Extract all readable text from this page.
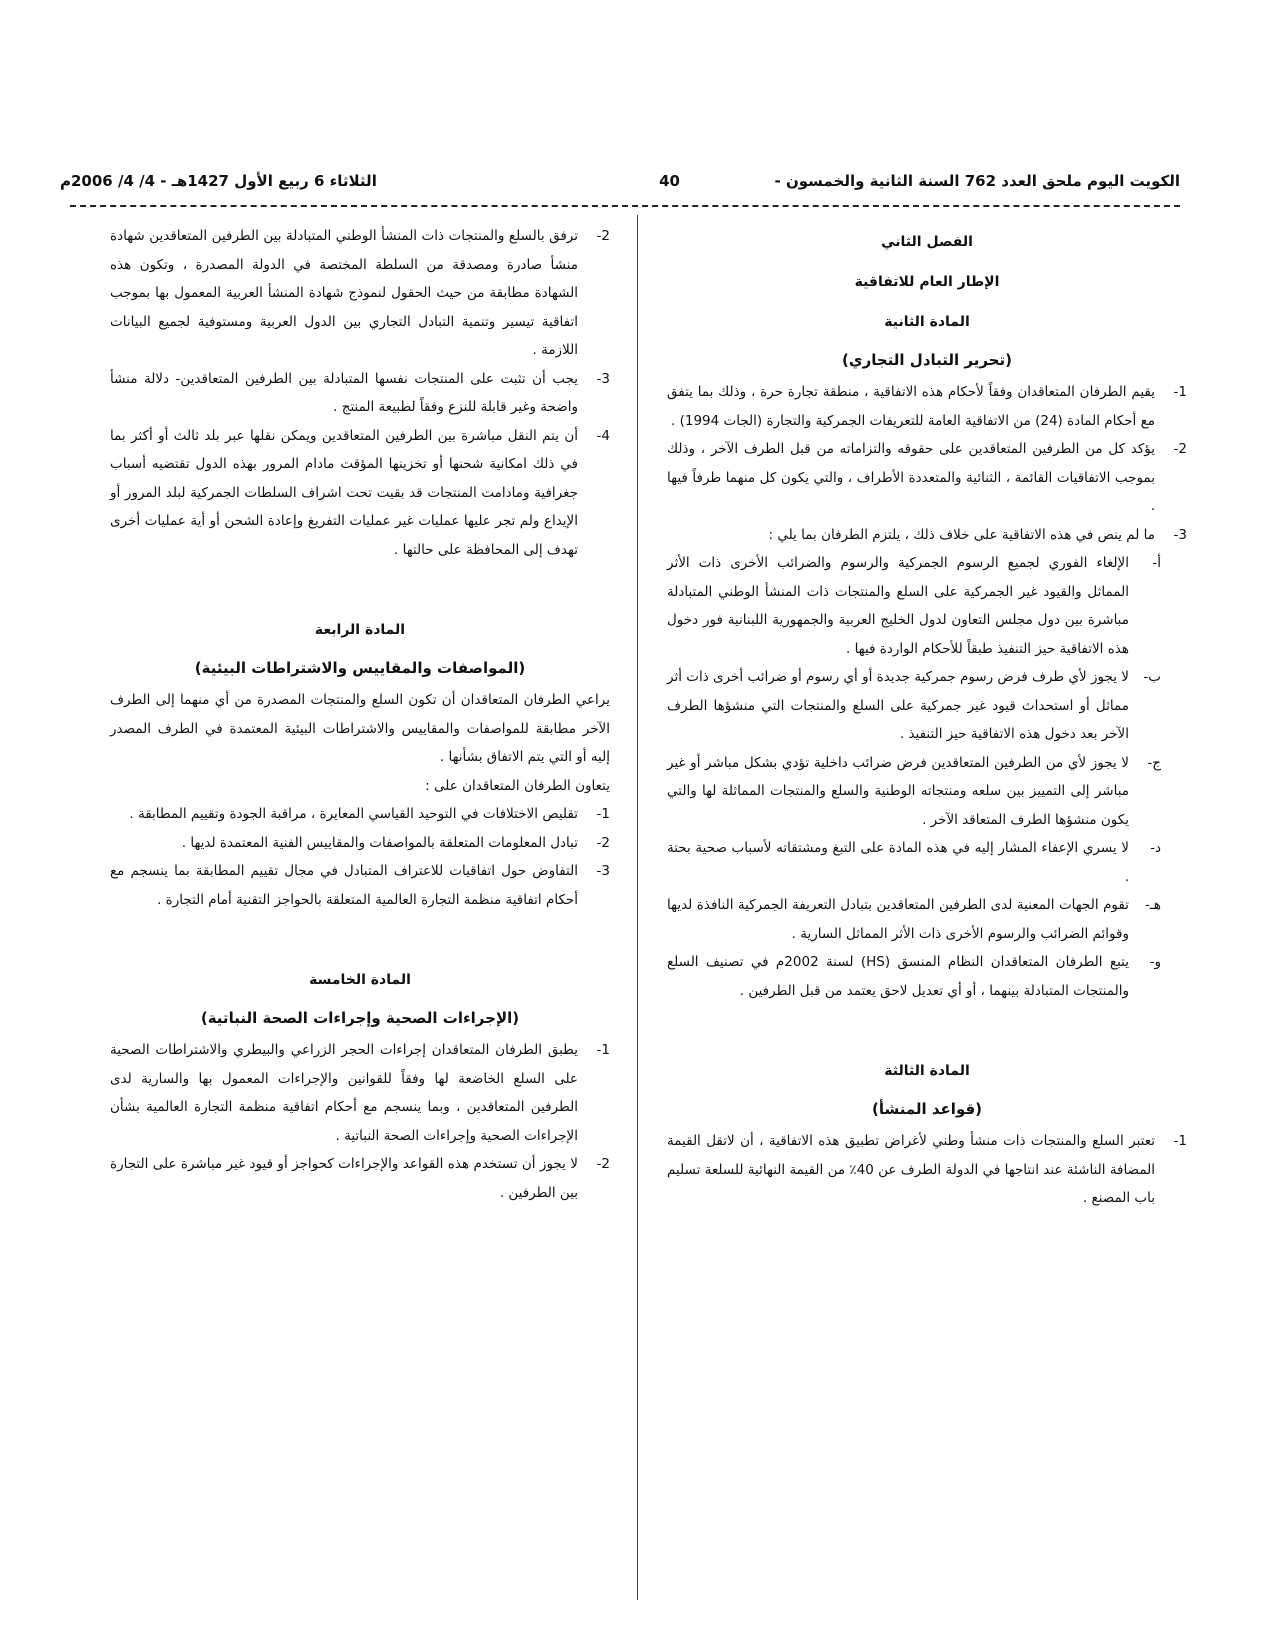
الكويت اليوم ملحق العدد 762 السنة الثانية والخمسون -
40
الثلاثاء 6 ربيع الأول 1427هـ - 4/ 4/ 2006م

الفصل الثاني

الإطار العام للاتفاقية

المادة الثانية

(تحرير التبادل التجاري)

1-
يقيم الطرفان المتعاقدان وفقاً لأحكام هذه الاتفاقية ، منطقة تجارة حرة ، وذلك بما يتفق مع أحكام المادة (24) من الاتفاقية العامة للتعريفات الجمركية والتجارة (الجات 1994) .

2-
يؤكد كل من الطرفين المتعاقدين على حقوقه والتزاماته من قبل الطرف الآخر ، وذلك بموجب الاتفاقيات القائمة ، الثنائية والمتعددة الأطراف ، والتي يكون كل منهما طرفاً فيها .

3-
ما لم ينص في هذه الاتفاقية على خلاف ذلك ، يلتزم الطرفان بما يلي :

أ-
الإلغاء الفوري لجميع الرسوم الجمركية والرسوم والضرائب الأخرى ذات الأثر المماثل والقيود غير الجمركية على السلع والمنتجات ذات المنشأ الوطني المتبادلة مباشرة بين دول مجلس التعاون لدول الخليج العربية والجمهورية اللبنانية فور دخول هذه الاتفاقية حيز التنفيذ طبقاً للأحكام الواردة فيها .

ب-
لا يجوز لأي طرف فرض رسوم جمركية جديدة أو أي رسوم أو ضرائب أخرى ذات أثر مماثل أو استحداث قيود غير جمركية على السلع والمنتجات التي منشؤها الطرف الآخر بعد دخول هذه الاتفاقية حيز التنفيذ .

ج-
لا يجوز لأي من الطرفين المتعاقدين فرض ضرائب داخلية تؤدي بشكل مباشر أو غير مباشر إلى التمييز بين سلعه ومنتجاته الوطنية والسلع والمنتجات المماثلة لها والتي يكون منشؤها الطرف المتعاقد الآخر .

د-
لا يسري الإعفاء المشار إليه في هذه المادة على التبغ ومشتقاته لأسباب صحية بحتة .

هـ-
تقوم الجهات المعنية لدى الطرفين المتعاقدين بتبادل التعريفة الجمركية النافذة لديها وقوائم الضرائب والرسوم الأخرى ذات الأثر المماثل السارية .

و-
يتبع الطرفان المتعاقدان النظام المنسق (HS) لسنة 2002م في تصنيف السلع والمنتجات المتبادلة بينهما ، أو أي تعديل لاحق يعتمد من قبل الطرفين .

المادة الثالثة

(قواعد المنشأ)

1-
تعتبر السلع والمنتجات ذات منشأ وطني لأغراض تطبيق هذه الاتفاقية ، أن لاتقل القيمة المضافة الناشئة عند انتاجها في الدولة الطرف عن 40٪ من القيمة النهائية للسلعة تسليم باب المصنع .

2-
ترفق بالسلع والمنتجات ذات المنشأ الوطني المتبادلة بين الطرفين المتعاقدين شهادة منشأ صادرة ومصدقة من السلطة المختصة في الدولة المصدرة ، وتكون هذه الشهادة مطابقة من حيث الحقول لنموذج شهادة المنشأ العربية المعمول بها بموجب اتفاقية تيسير وتنمية التبادل التجاري بين الدول العربية ومستوفية لجميع البيانات اللازمة .

3-
يجب أن تثبت على المنتجات نفسها المتبادلة بين الطرفين المتعاقدين- دلالة منشأ واضحة وغير قابلة للنزع وفقاً لطبيعة المنتج .

4-
أن يتم النقل مباشرة بين الطرفين المتعاقدين ويمكن نقلها عبر بلد ثالث أو أكثر بما في ذلك امكانية شحنها أو تخزينها المؤقت مادام المرور بهذه الدول تقتضيه أسباب جغرافية ومادامت المنتجات قد بقيت تحت اشراف السلطات الجمركية لبلد المرور أو الإيداع ولم تجر عليها عمليات غير عمليات التفريغ وإعادة الشحن أو أية عمليات أخرى تهدف إلى المحافظة على حالتها .

المادة الرابعة

(المواصفات والمقاييس والاشتراطات البيئية)

يراعي الطرفان المتعاقدان أن تكون السلع والمنتجات المصدرة من أي منهما إلى الطرف الآخر مطابقة للمواصفات والمقاييس والاشتراطات البيئية المعتمدة في الطرف المصدر إليه أو التي يتم الاتفاق بشأنها .

يتعاون الطرفان المتعاقدان على :

1-
تقليص الاختلافات في التوحيد القياسي المعايرة ، مراقبة الجودة وتقييم المطابقة .

2-
تبادل المعلومات المتعلقة بالمواصفات والمقاييس الفنية المعتمدة لديها .

3-
التفاوض حول اتفاقيات للاعتراف المتبادل في مجال تقييم المطابقة بما ينسجم مع أحكام اتفاقية منظمة التجارة العالمية المتعلقة بالحواجز التقنية أمام التجارة .

المادة الخامسة

(الإجراءات الصحية وإجراءات الصحة النباتية)

1-
يطبق الطرفان المتعاقدان إجراءات الحجر الزراعي والبيطري والاشتراطات الصحية على السلع الخاضعة لها وفقاً للقوانين والإجراءات المعمول بها والسارية لدى الطرفين المتعاقدين ، وبما ينسجم مع أحكام اتفاقية منظمة التجارة العالمية بشأن الإجراءات الصحية وإجراءات الصحة النباتية .

2-
لا يجوز أن تستخدم هذه القواعد والإجراءات كحواجز أو قيود غير مباشرة على التجارة بين الطرفين .
